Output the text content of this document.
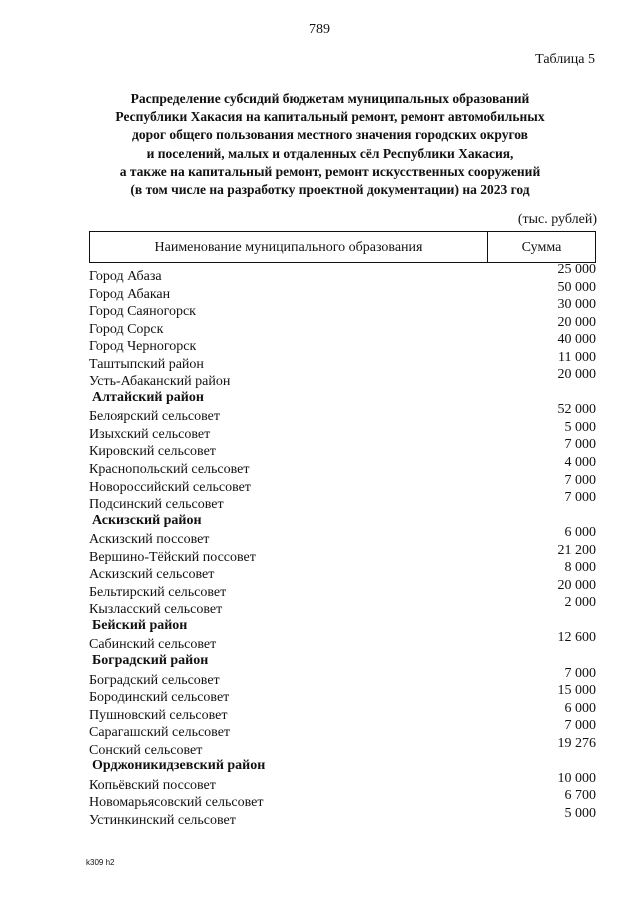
789
Таблица 5
Распределение субсидий бюджетам муниципальных образований
Республики Хакасия на капитальный ремонт, ремонт автомобильных
дорог общего пользования местного значения городских округов
и поселений, малых и отдаленных сёл Республики Хакасия,
а также на капитальный ремонт, ремонт искусственных сооружений
(в том числе на разработку проектной документации) на 2023 год
(тыс. рублей)
Наименование муниципального образования	Сумма
Город Абаза	25 000
Город Абакан	50 000
Город Саяногорск	30 000
Город Сорск	20 000
Город Черногорск	40 000
Таштыпский район	11 000
Усть-Абаканский район	20 000
Алтайский район
Белоярский сельсовет	52 000
Изыхский сельсовет	5 000
Кировский сельсовет	7 000
Краснопольский сельсовет	4 000
Новороссийский сельсовет	7 000
Подсинский сельсовет	7 000
Аскизский район
Аскизский поссовет	6 000
Вершино-Тёйский поссовет	21 200
Аскизский сельсовет	8 000
Бельтирский сельсовет	20 000
Кызласский сельсовет	2 000
Бейский район
Сабинский сельсовет	12 600
Боградский район
Боградский сельсовет	7 000
Бородинский сельсовет	15 000
Пушновский сельсовет	6 000
Сарагашский сельсовет	7 000
Сонский сельсовет	19 276
Орджоникидзевский район
Копьёвский поссовет	10 000
Новомарьясовский сельсовет	6 700
Устинкинский сельсовет	5 000
k309 h2
